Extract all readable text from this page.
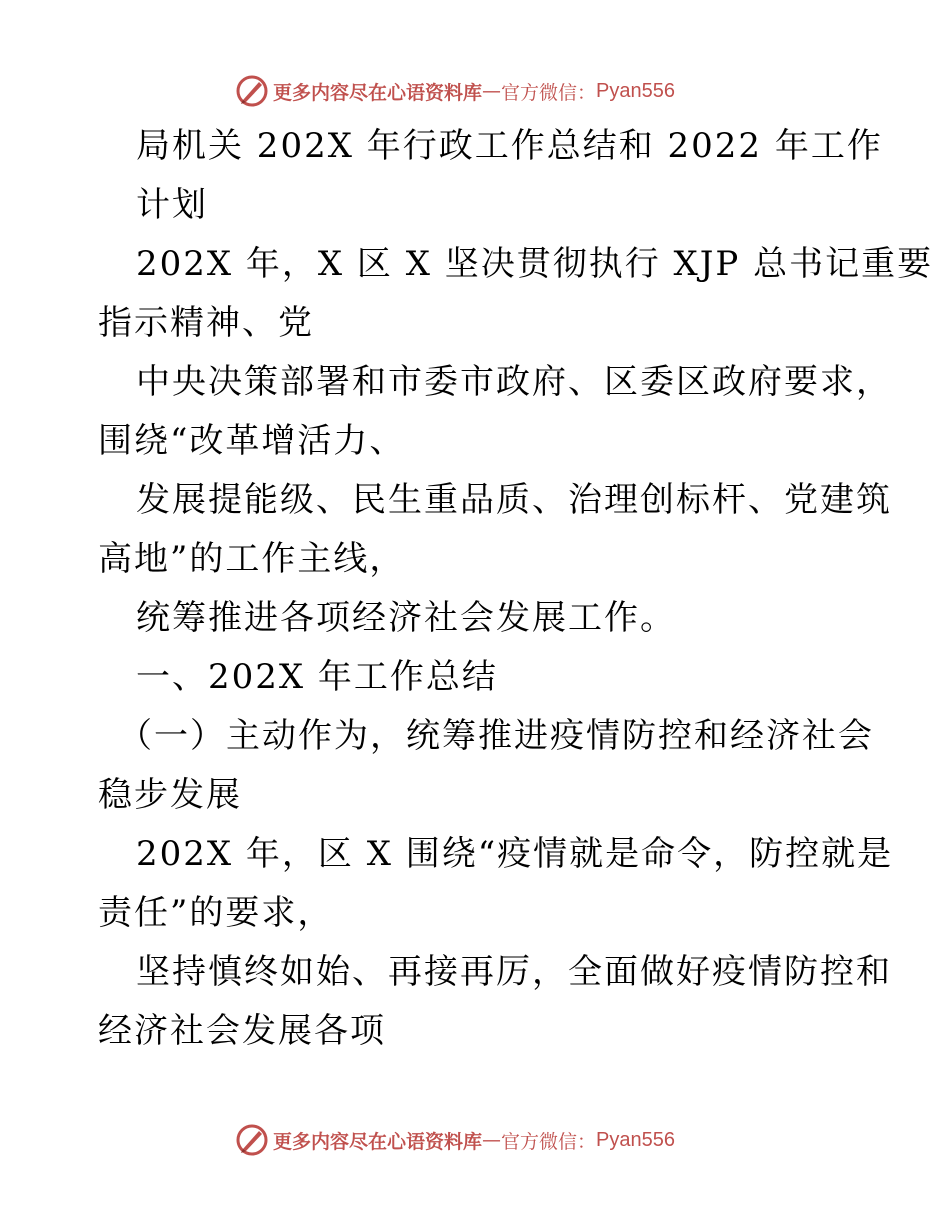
更多内容尽在心语资料库 — 官方微信： Pyan556
局机关 202X 年行政工作总结和 2022 年工作
计划
202X 年，X 区 X 坚决贯彻执行 XJP 总书记重要
指示精神、党
中央决策部署和市委市政府、区委区政府要求，
围绕“改革增活力、
发展提能级、民生重品质、治理创标杆、党建筑
高地”的工作主线，
统筹推进各项经济社会发展工作。
一、202X 年工作总结
（一）主动作为，统筹推进疫情防控和经济社会
稳步发展
202X 年，区 X 围绕“疫情就是命令，防控就是
责任”的要求，
坚持慎终如始、再接再厉，全面做好疫情防控和
经济社会发展各项
更多内容尽在心语资料库 — 官方微信： Pyan556
